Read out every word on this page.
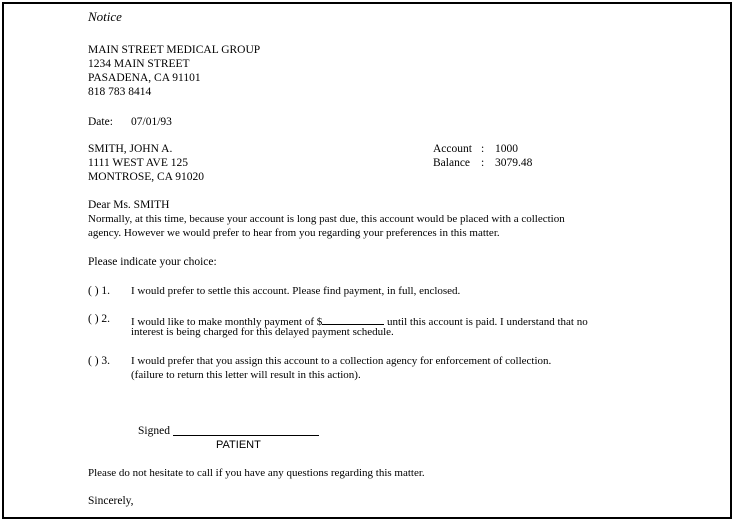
Notice
MAIN STREET MEDICAL GROUP
1234 MAIN STREET
PASADENA, CA 91101
818 783 8414
Date: 07/01/93
SMITH, JOHN A.
1111 WEST AVE 125
MONTROSE, CA 91020
Account : 1000
Balance : 3079.48
Dear Ms. SMITH
Normally, at this time, because your account is long past due, this account would be placed with a collection
agency. However we would prefer to hear from you regarding your preferences in this matter.
Please indicate your choice:
( ) 1. I would prefer to settle this account. Please find payment, in full, enclosed.
( ) 2. I would like to make monthly payment of $	until this account is paid. I understand that no
interest is being charged for this delayed payment schedule.
( ) 3. I would prefer that you assign this account to a collection agency for enforcement of collection.
(failure to return this letter will result in this action).
Signed
PATIENT
Please do not hesitate to call if you have any questions regarding this matter.
Sincerely,
